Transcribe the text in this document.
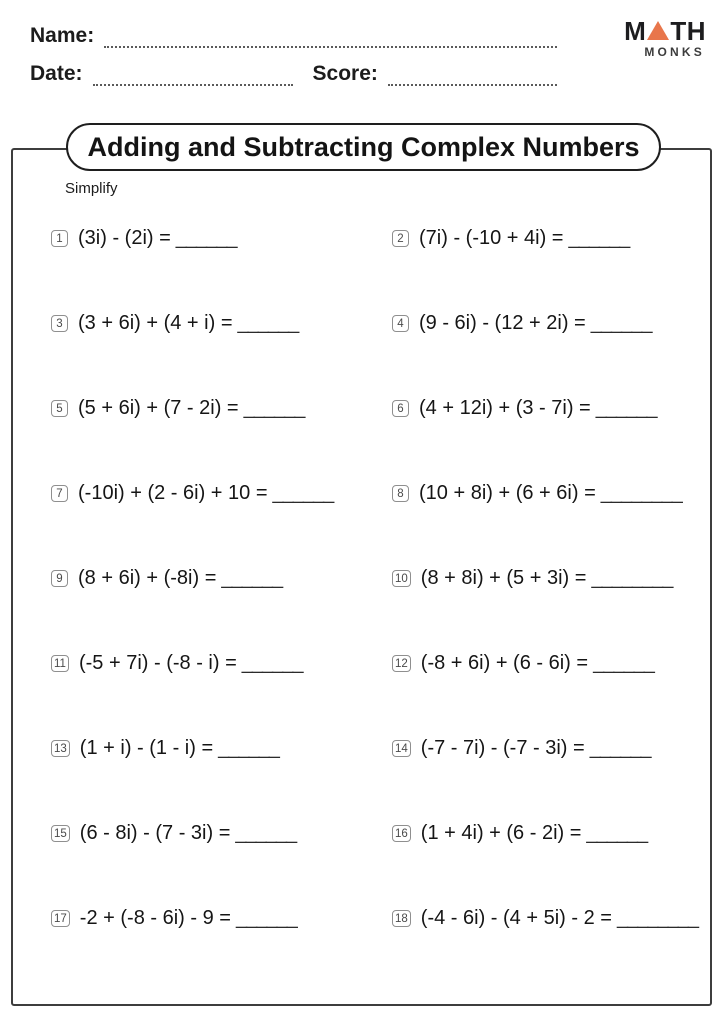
Name:
Date:	Score:
M TH
MONKS
Adding and Subtracting Complex Numbers
Simplify
1 (3i) - (2i) = ______	2 (7i) - (-10 + 4i) = ______
3 (3 + 6i) + (4 + i) = ______	4 (9 - 6i) - (12 + 2i) = ______
5 (5 + 6i) + (7 - 2i) = ______	6 (4 + 12i) + (3 - 7i) = ______
7 (-10i) + (2 - 6i) + 10 = ______	8 (10 + 8i) + (6 + 6i) = ________
9 (8 + 6i) + (-8i) = ______	10 (8 + 8i) + (5 + 3i) = ________
11 (-5 + 7i) - (-8 - i) = ______	12 (-8 + 6i) + (6 - 6i) = ______
13 (1 + i) - (1 - i) = ______	14 (-7 - 7i) - (-7 - 3i) = ______
15 (6 - 8i) - (7 - 3i) = ______	16 (1 + 4i) + (6 - 2i) = ______
17 -2 + (-8 - 6i) - 9 = ______	18 (-4 - 6i) - (4 + 5i) - 2 = ________
